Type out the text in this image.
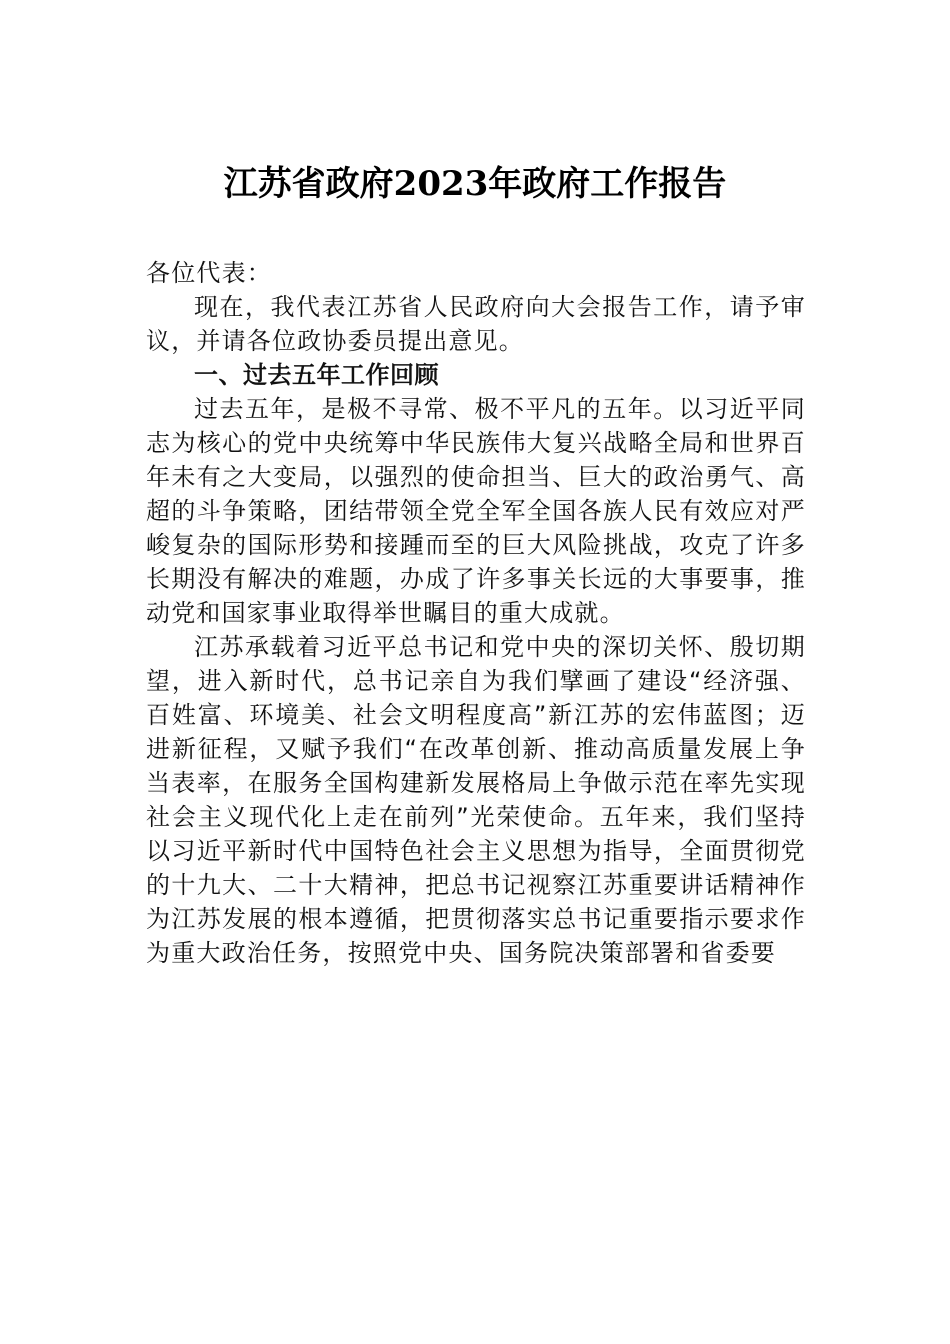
江苏省政府2023年政府工作报告

各位代表：

现在，我代表江苏省人民政府向大会报告工作，请予审议，并请各位政协委员提出意见。

一、过去五年工作回顾

过去五年，是极不寻常、极不平凡的五年。以习近平同志为核心的党中央统筹中华民族伟大复兴战略全局和世界百年未有之大变局，以强烈的使命担当、巨大的政治勇气、高超的斗争策略，团结带领全党全军全国各族人民有效应对严峻复杂的国际形势和接踵而至的巨大风险挑战，攻克了许多长期没有解决的难题，办成了许多事关长远的大事要事，推动党和国家事业取得举世瞩目的重大成就。

江苏承载着习近平总书记和党中央的深切关怀、殷切期望，进入新时代，总书记亲自为我们擘画了建设“经济强、百姓富、环境美、社会文明程度高”新江苏的宏伟蓝图；迈进新征程，又赋予我们“在改革创新、推动高质量发展上争当表率，在服务全国构建新发展格局上争做示范在率先实现社会主义现代化上走在前列”光荣使命。五年来，我们坚持以习近平新时代中国特色社会主义思想为指导，全面贯彻党的十九大、二十大精神，把总书记视察江苏重要讲话精神作为江苏发展的根本遵循，把贯彻落实总书记重要指示要求作为重大政治任务，按照党中央、国务院决策部署和省委要
